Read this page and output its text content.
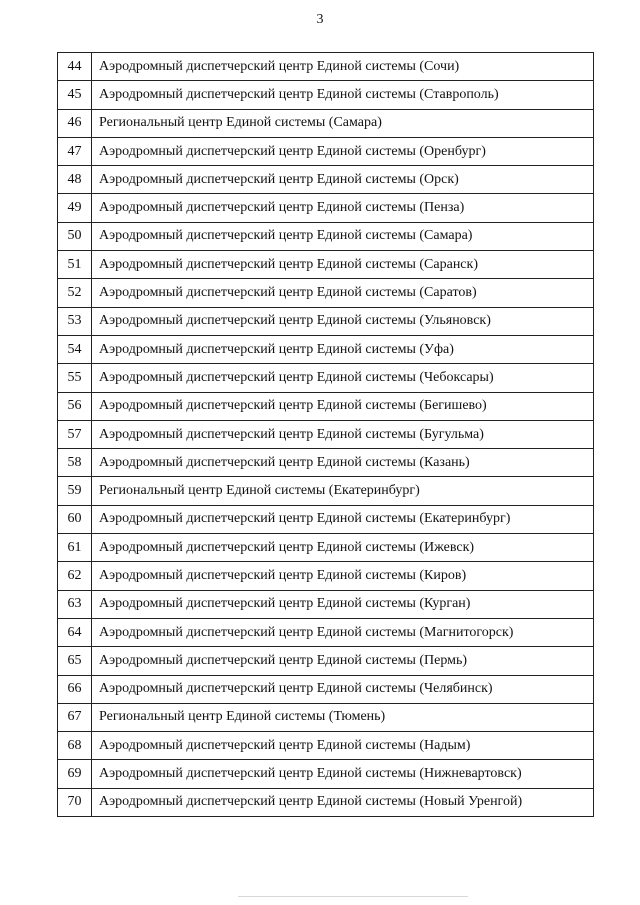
3
44	Аэродромный диспетчерский центр Единой системы (Сочи)
45	Аэродромный диспетчерский центр Единой системы (Ставрополь)
46	Региональный центр Единой системы (Самара)
47	Аэродромный диспетчерский центр Единой системы (Оренбург)
48	Аэродромный диспетчерский центр Единой системы (Орск)
49	Аэродромный диспетчерский центр Единой системы (Пенза)
50	Аэродромный диспетчерский центр Единой системы (Самара)
51	Аэродромный диспетчерский центр Единой системы (Саранск)
52	Аэродромный диспетчерский центр Единой системы (Саратов)
53	Аэродромный диспетчерский центр Единой системы (Ульяновск)
54	Аэродромный диспетчерский центр Единой системы (Уфа)
55	Аэродромный диспетчерский центр Единой системы (Чебоксары)
56	Аэродромный диспетчерский центр Единой системы (Бегишево)
57	Аэродромный диспетчерский центр Единой системы (Бугульма)
58	Аэродромный диспетчерский центр Единой системы (Казань)
59	Региональный центр Единой системы (Екатеринбург)
60	Аэродромный диспетчерский центр Единой системы (Екатеринбург)
61	Аэродромный диспетчерский центр Единой системы (Ижевск)
62	Аэродромный диспетчерский центр Единой системы (Киров)
63	Аэродромный диспетчерский центр Единой системы (Курган)
64	Аэродромный диспетчерский центр Единой системы (Магнитогорск)
65	Аэродромный диспетчерский центр Единой системы (Пермь)
66	Аэродромный диспетчерский центр Единой системы (Челябинск)
67	Региональный центр Единой системы (Тюмень)
68	Аэродромный диспетчерский центр Единой системы (Надым)
69	Аэродромный диспетчерский центр Единой системы (Нижневартовск)
70	Аэродромный диспетчерский центр Единой системы (Новый Уренгой)
